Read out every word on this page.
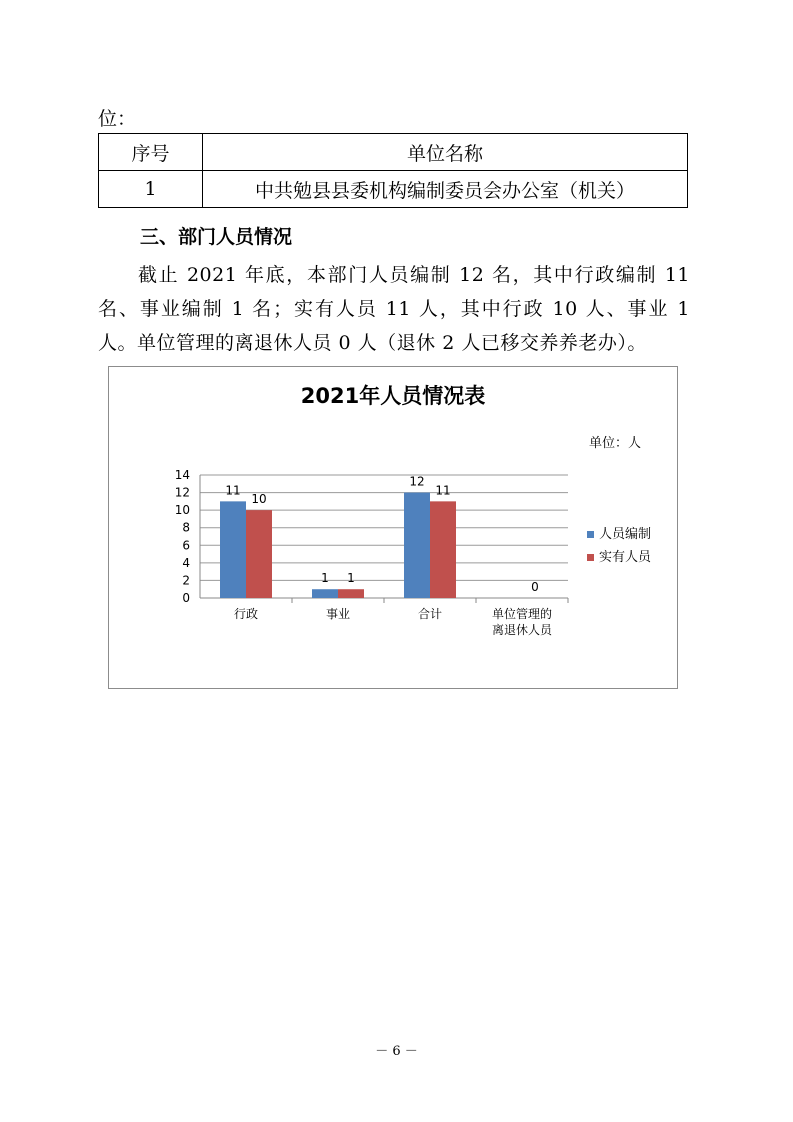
位：
序号	单位名称
1	中共勉县县委机构编制委员会办公室（机关）
三、部门人员情况
截止 2021 年底，本部门人员编制 12 名，其中行政编制 11 名、事业编制 1 名；实有人员 11 人，其中行政 10 人、事业 1 人。单位管理的离退休人员 0 人（退休 2 人已移交养养老办）。
2021年人员情况表
单位：人
0
2
4
6
8
10
12
14
行政
11
10
事业
1 1
合计
12
11
单位管理的
离退休人员
0
人员编制
实有人员
－ 6 －
